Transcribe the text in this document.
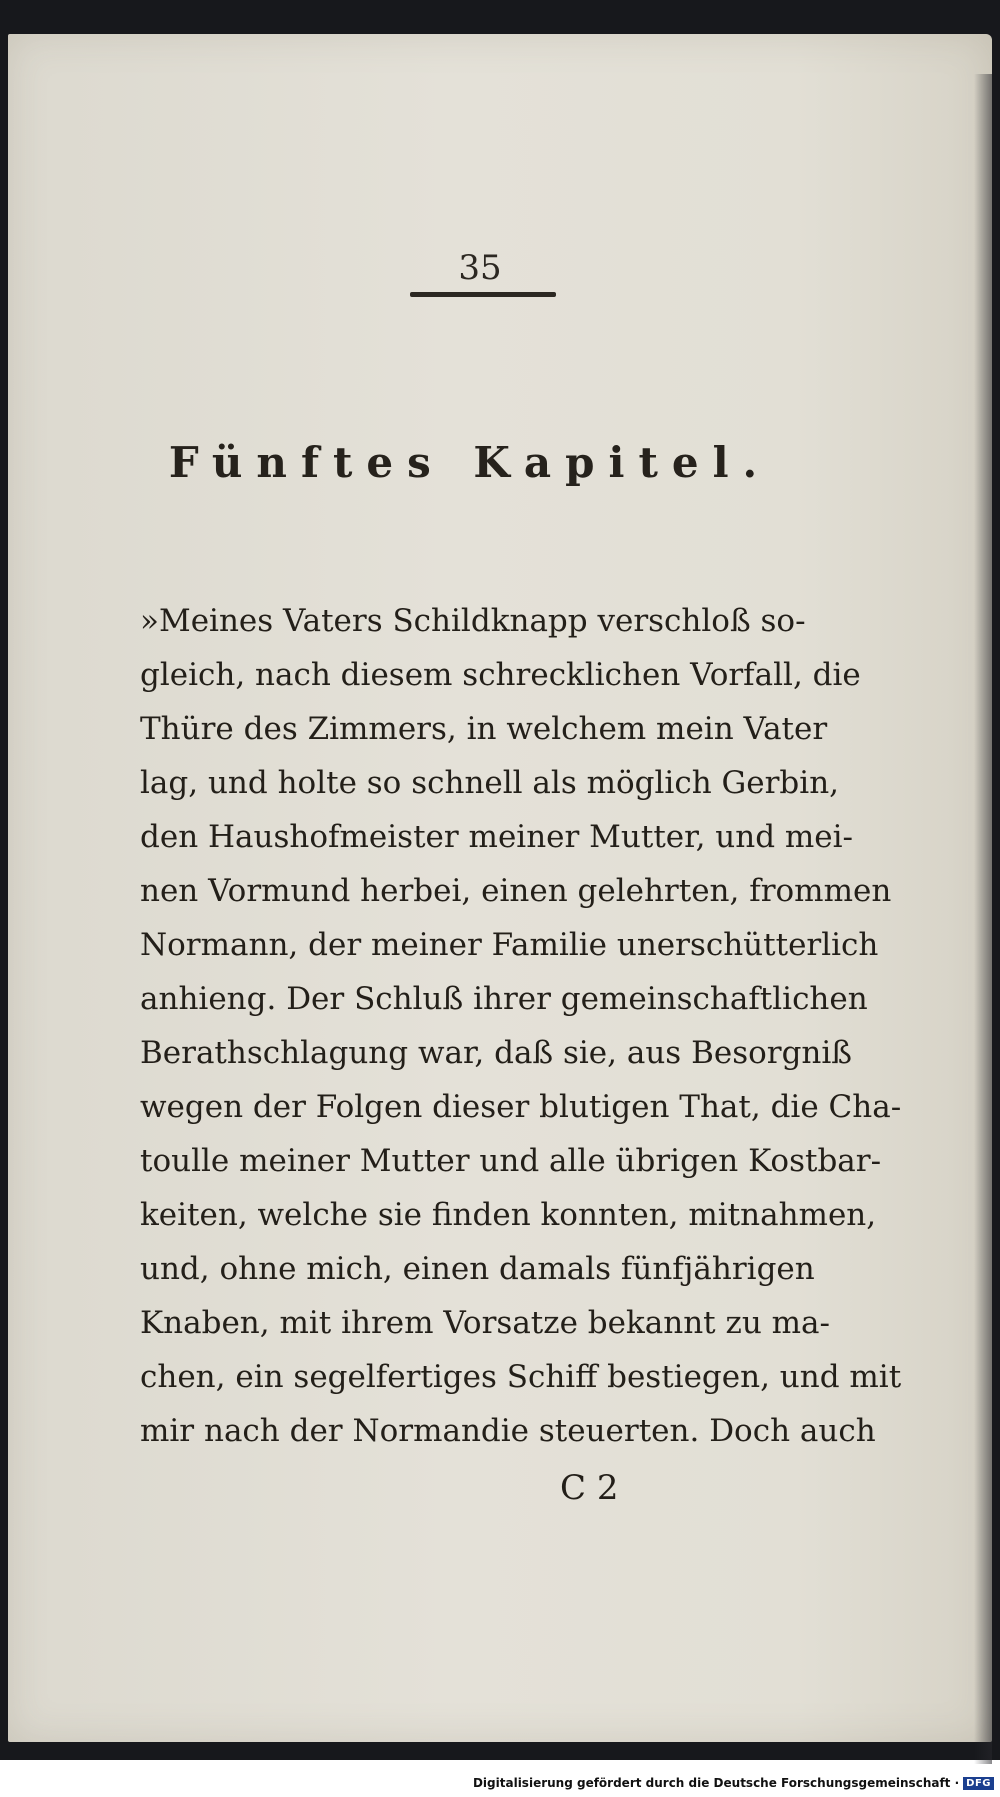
35
Fünftes Kapitel.
»Meines Vaters Schildknapp verschloß so-
gleich, nach diesem schrecklichen Vorfall, die
Thüre des Zimmers, in welchem mein Vater
lag, und holte so schnell als möglich Gerbin,
den Haushofmeister meiner Mutter, und mei-
nen Vormund herbei, einen gelehrten, frommen
Normann, der meiner Familie unerschütterlich
anhieng. Der Schluß ihrer gemeinschaftlichen
Berathschlagung war, daß sie, aus Besorgniß
wegen der Folgen dieser blutigen That, die Cha-
toulle meiner Mutter und alle übrigen Kostbar-
keiten, welche sie finden konnten, mitnahmen,
und, ohne mich, einen damals fünfjährigen
Knaben, mit ihrem Vorsatze bekannt zu ma-
chen, ein segelfertiges Schiff bestiegen, und mit
mir nach der Normandie steuerten. Doch auch
C 2
Digitalisierung gefördert durch die Deutsche Forschungsgemeinschaft · DFG
